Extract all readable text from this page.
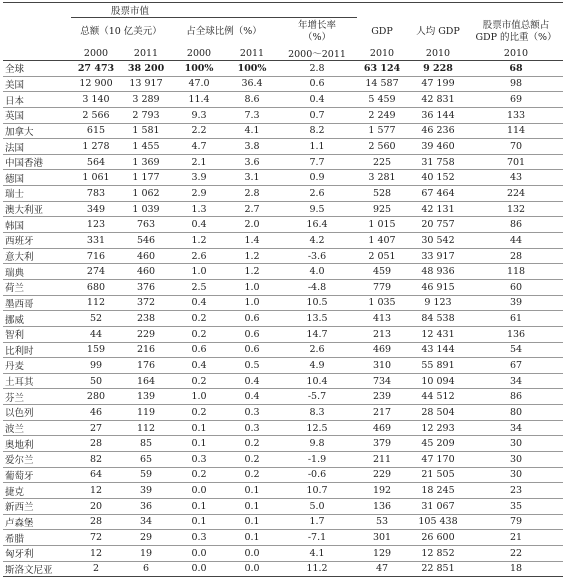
	股票市值							
	总额（10 亿美元）		占全球比例（%）		年增长率
（%）	GDP	人均 GDP	股票市值总额占
GDP 的比重（%）
	2000	2011	2000	2011	2000～2011	2010	2010	2010
全球	27 473	38 200	100%	100%	2.8	63 124	9 228	68
美国	12 900	13 917	47.0	36.4	0.6	14 587	47 199	98
日本	3 140	3 289	11.4	8.6	0.4	5 459	42 831	69
英国	2 566	2 793	9.3	7.3	0.7	2 249	36 144	133
加拿大	615	1 581	2.2	4.1	8.2	1 577	46 236	114
法国	1 278	1 455	4.7	3.8	1.1	2 560	39 460	70
中国香港	564	1 369	2.1	3.6	7.7	225	31 758	701
德国	1 061	1 177	3.9	3.1	0.9	3 281	40 152	43
瑞士	783	1 062	2.9	2.8	2.6	528	67 464	224
澳大利亚	349	1 039	1.3	2.7	9.5	925	42 131	132
韩国	123	763	0.4	2.0	16.4	1 015	20 757	86
西班牙	331	546	1.2	1.4	4.2	1 407	30 542	44
意大利	716	460	2.6	1.2	-3.6	2 051	33 917	28
瑞典	274	460	1.0	1.2	4.0	459	48 936	118
荷兰	680	376	2.5	1.0	-4.8	779	46 915	60
墨西哥	112	372	0.4	1.0	10.5	1 035	9 123	39
挪威	52	238	0.2	0.6	13.5	413	84 538	61
智利	44	229	0.2	0.6	14.7	213	12 431	136
比利时	159	216	0.6	0.6	2.6	469	43 144	54
丹麦	99	176	0.4	0.5	4.9	310	55 891	67
土耳其	50	164	0.2	0.4	10.4	734	10 094	34
芬兰	280	139	1.0	0.4	-5.7	239	44 512	86
以色列	46	119	0.2	0.3	8.3	217	28 504	80
波兰	27	112	0.1	0.3	12.5	469	12 293	34
奥地利	28	85	0.1	0.2	9.8	379	45 209	30
爱尔兰	82	65	0.3	0.2	-1.9	211	47 170	30
葡萄牙	64	59	0.2	0.2	-0.6	229	21 505	30
捷克	12	39	0.0	0.1	10.7	192	18 245	23
新西兰	20	36	0.1	0.1	5.0	136	31 067	35
卢森堡	28	34	0.1	0.1	1.7	53	105 438	79
希腊	72	29	0.3	0.1	-7.1	301	26 600	21
匈牙利	12	19	0.0	0.0	4.1	129	12 852	22
斯洛文尼亚	2	6	0.0	0.0	11.2	47	22 851	18
